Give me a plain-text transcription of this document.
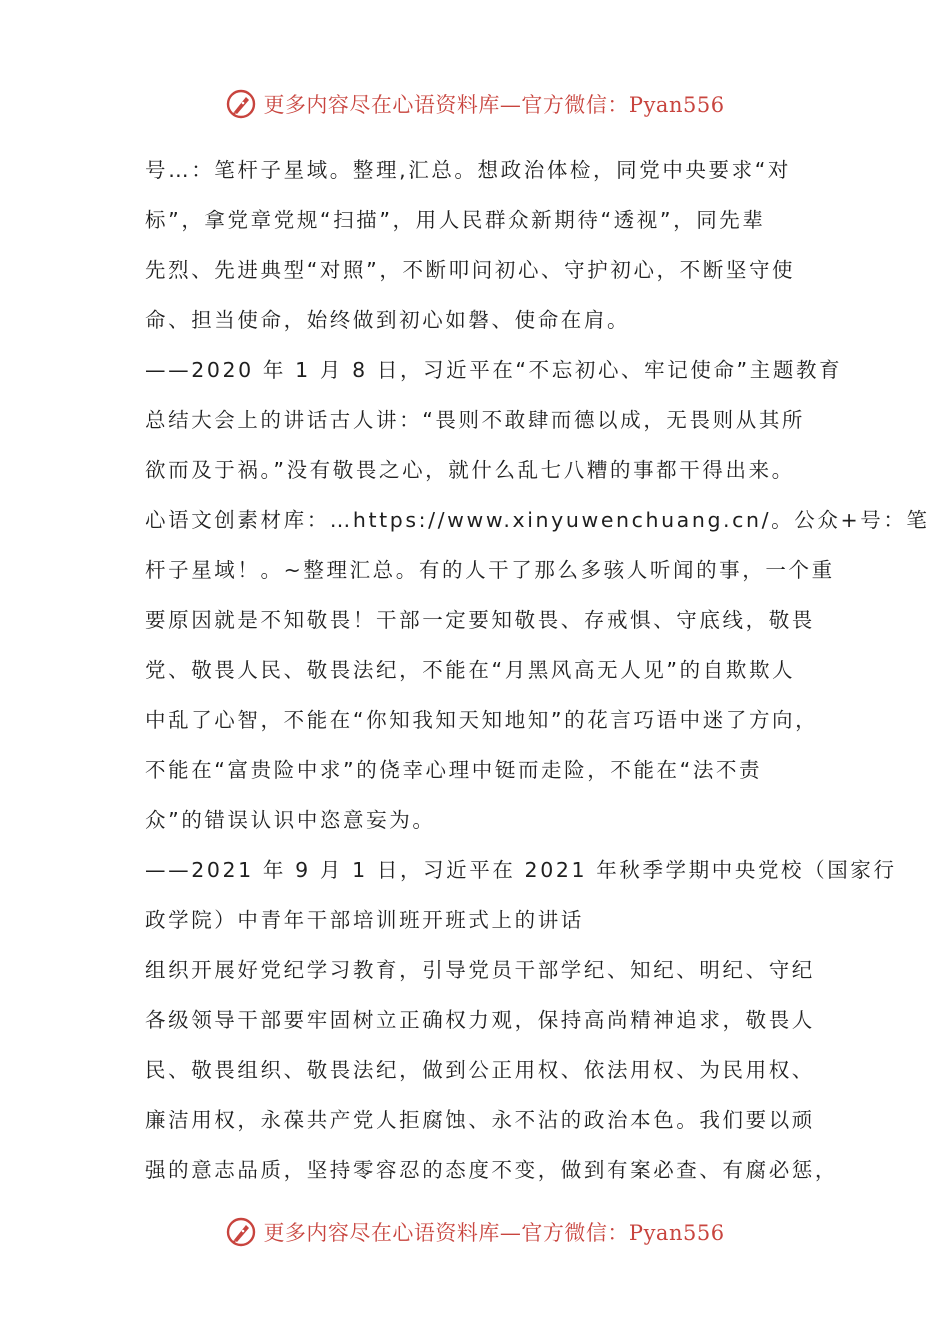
更多内容尽在心语资料库—官方微信：Pyan556
号…：笔杆子星域。整理,汇总。想政治体检，同党中央要求“对
标”，拿党章党规“扫描”，用人民群众新期待“透视”，同先辈
先烈、先进典型“对照”，不断叩问初心、守护初心，不断坚守使
命、担当使命，始终做到初心如磐、使命在肩。
——2020 年 1 月 8 日，习近平在“不忘初心、牢记使命”主题教育
总结大会上的讲话古人讲：“畏则不敢肆而德以成，无畏则从其所
欲而及于祸。”没有敬畏之心，就什么乱七八糟的事都干得出来。
心语文创素材库：…https://www.xinyuwenchuang.cn/。公众+号：笔
杆子星域！。~整理汇总。有的人干了那么多骇人听闻的事，一个重
要原因就是不知敬畏！干部一定要知敬畏、存戒惧、守底线，敬畏
党、敬畏人民、敬畏法纪，不能在“月黑风高无人见”的自欺欺人
中乱了心智，不能在“你知我知天知地知”的花言巧语中迷了方向，
不能在“富贵险中求”的侥幸心理中铤而走险，不能在“法不责
众”的错误认识中恣意妄为。
——2021 年 9 月 1 日，习近平在 2021 年秋季学期中央党校（国家行
政学院）中青年干部培训班开班式上的讲话
组织开展好党纪学习教育，引导党员干部学纪、知纪、明纪、守纪
各级领导干部要牢固树立正确权力观，保持高尚精神追求，敬畏人
民、敬畏组织、敬畏法纪，做到公正用权、依法用权、为民用权、
廉洁用权，永葆共产党人拒腐蚀、永不沾的政治本色。我们要以顽
强的意志品质，坚持零容忍的态度不变，做到有案必查、有腐必惩，
更多内容尽在心语资料库—官方微信：Pyan556
